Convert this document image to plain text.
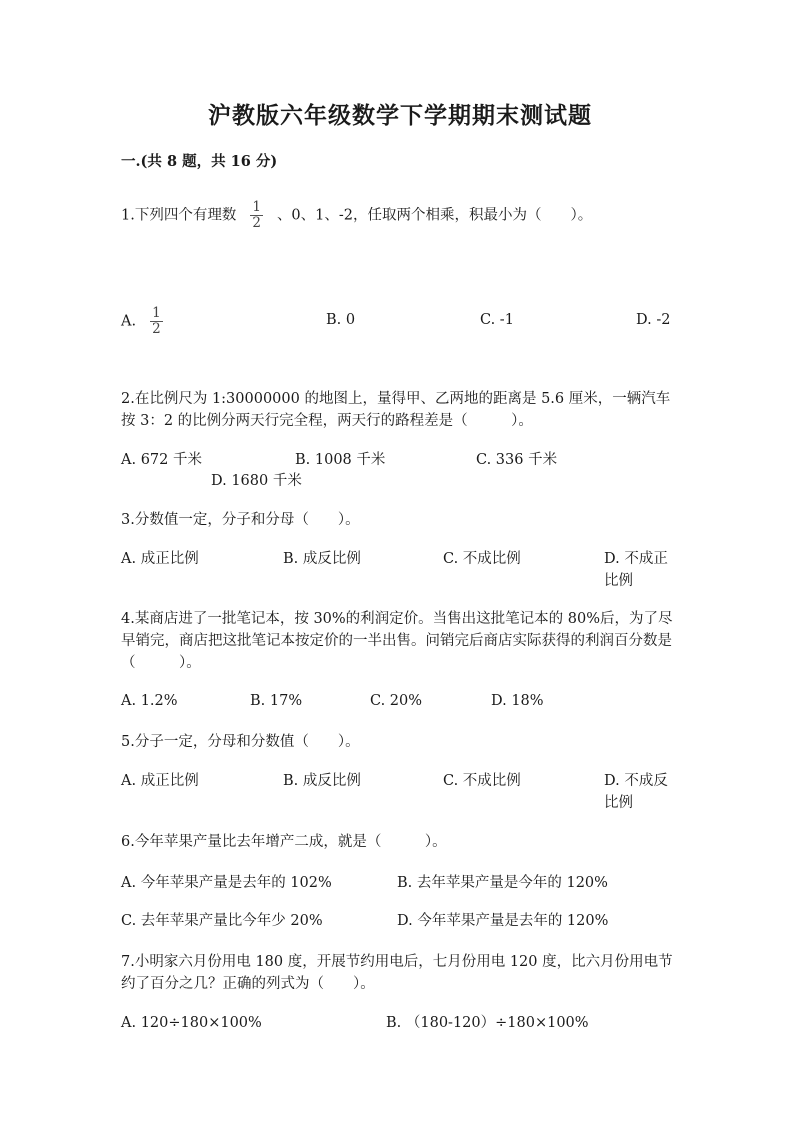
沪教版六年级数学下学期期末测试题
一.(共 8 题，共 16 分)
1.下列四个有理数 $\frac{1}{2}$ 、0、1、-2，任取两个相乘，积最小为（　　）。
A. $\frac{1}{2}$	B. 0	C. -1	D. -2
2.在比例尺为 1:30000000 的地图上，量得甲、乙两地的距离是 5.6 厘米，一辆汽车按 3：2 的比例分两天行完全程，两天行的路程差是（　　　）。
A. 672 千米	B. 1008 千米	C. 336 千米
D. 1680 千米
3.分数值一定，分子和分母（　　）。
A. 成正比例	B. 成反比例	C. 不成比例	D. 不成正比例
4.某商店进了一批笔记本，按 30%的利润定价。当售出这批笔记本的 80%后，为了尽早销完，商店把这批笔记本按定价的一半出售。问销完后商店实际获得的利润百分数是（　　　）。
A. 1.2%	B. 17%	C. 20%	D. 18%
5.分子一定，分母和分数值（　　）。
A. 成正比例	B. 成反比例	C. 不成比例	D. 不成反比例
6.今年苹果产量比去年增产二成，就是（　　　）。
A. 今年苹果产量是去年的 102%	B. 去年苹果产量是今年的 120%
C. 去年苹果产量比今年少 20%	D. 今年苹果产量是去年的 120%
7.小明家六月份用电 180 度，开展节约用电后，七月份用电 120 度，比六月份用电节约了百分之几？正确的列式为（　　）。
A. 120÷180×100%	B. （180-120）÷180×100%
